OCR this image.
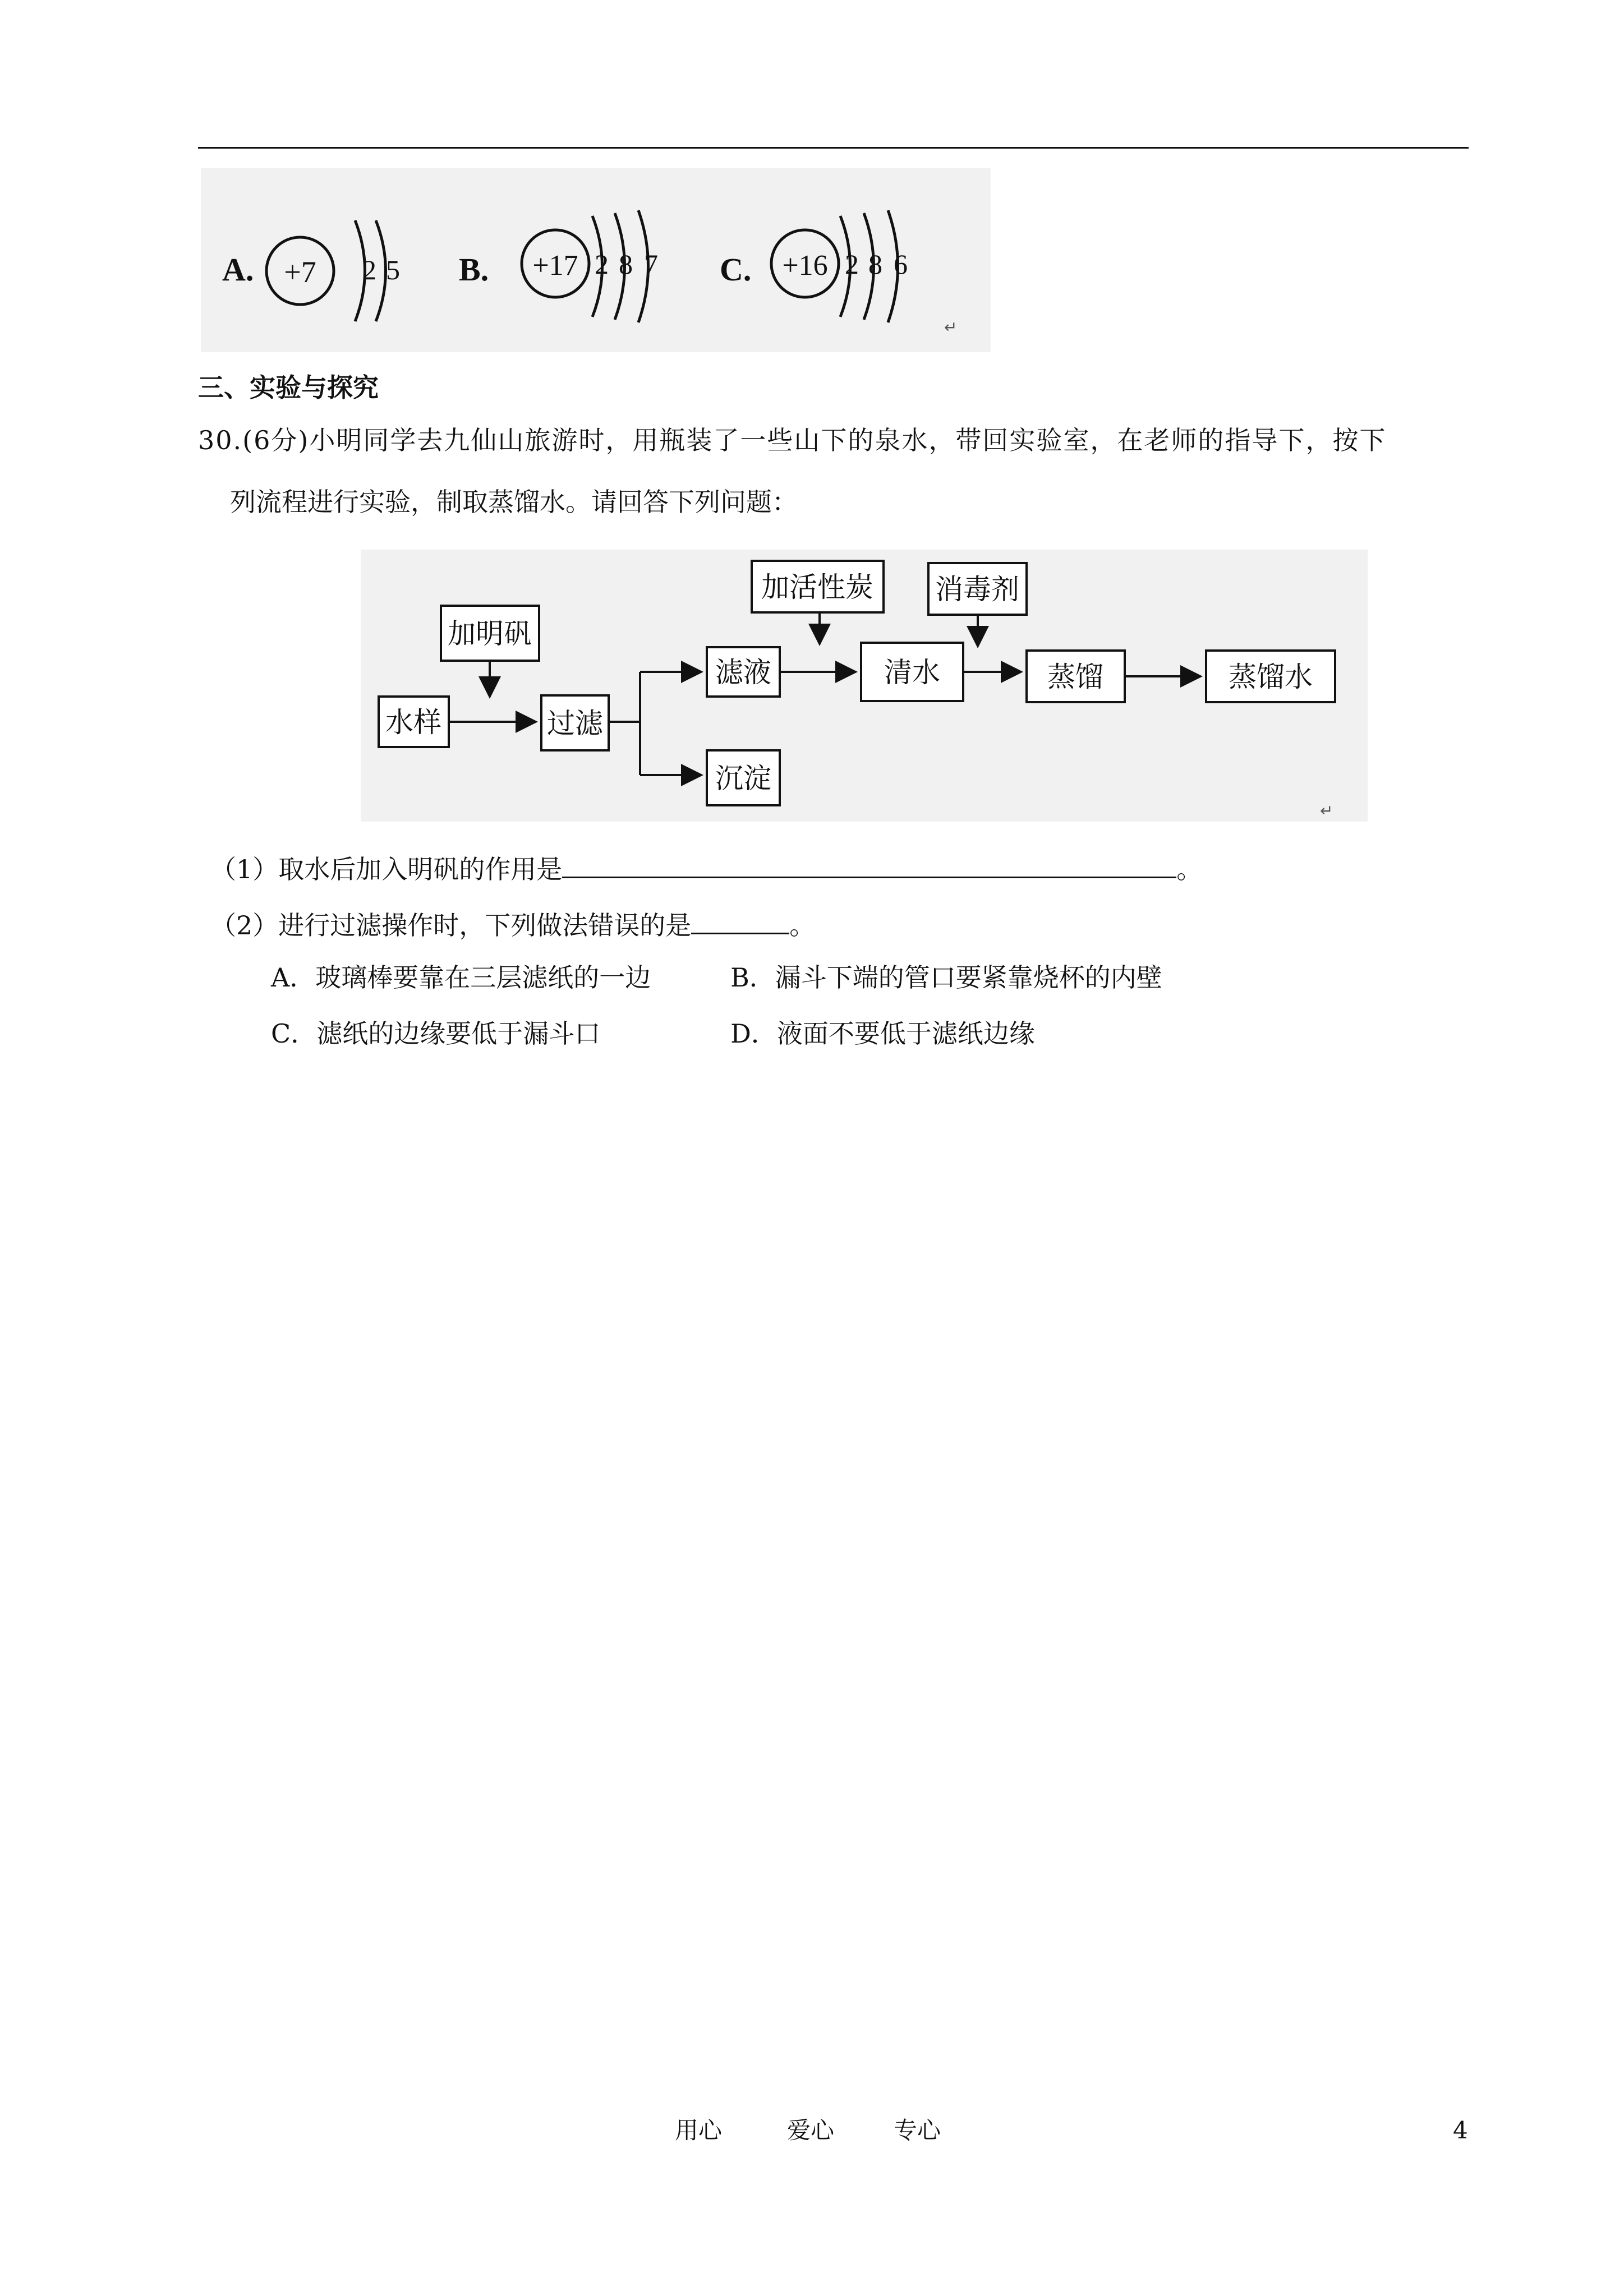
A. +7 2 5 B. +17 2 8 7 C. +16 2 8 6
↵
三、实验与探究
30.(6分)小明同学去九仙山旅游时，用瓶装了一些山下的泉水，带回实验室，在老师的指导下，按下
列流程进行实验，制取蒸馏水。请回答下列问题：
加明矾
水样	过滤
滤液
沉淀
加活性炭
清水
消毒剂
蒸馏	蒸馏水
↵
（1）取水后加入明矾的作用是	。
（2）进行过滤操作时，下列做法错误的是	。
A．玻璃棒要靠在三层滤纸的一边	B．漏斗下端的管口要紧靠烧杯的内壁
C．滤纸的边缘要低于漏斗口	D．液面不要低于滤纸边缘
用心	爱心	专心	4
